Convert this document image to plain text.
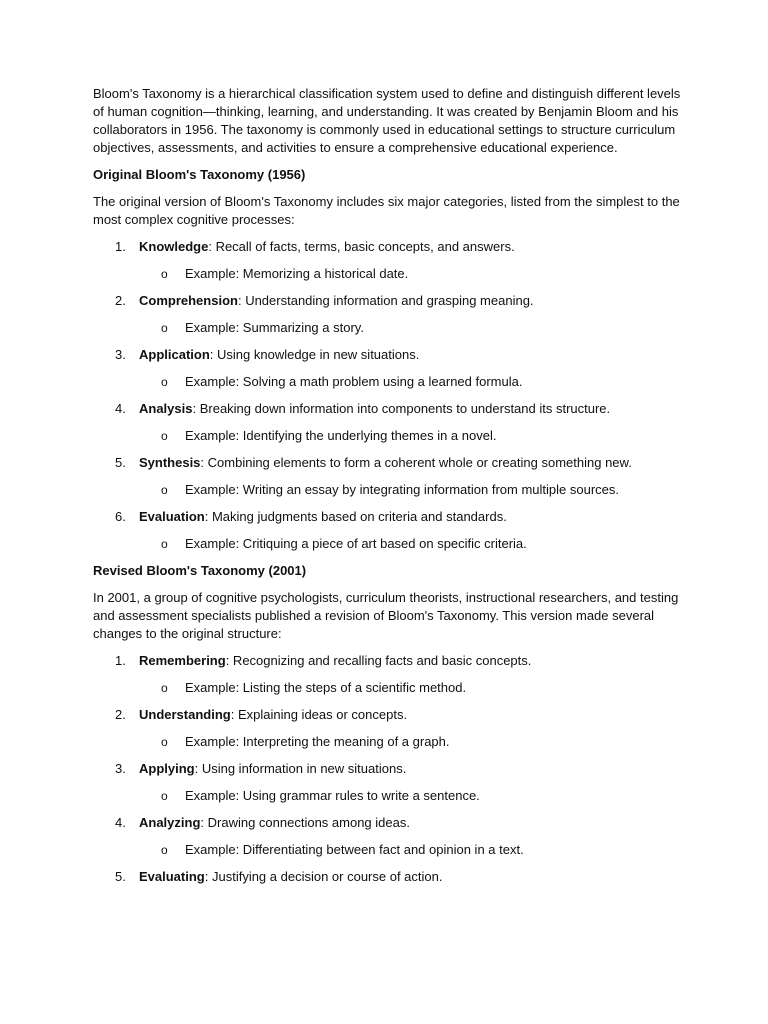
Bloom's Taxonomy is a hierarchical classification system used to define and distinguish different levels of human cognition—thinking, learning, and understanding. It was created by Benjamin Bloom and his collaborators in 1956. The taxonomy is commonly used in educational settings to structure curriculum objectives, assessments, and activities to ensure a comprehensive educational experience.

Original Bloom's Taxonomy (1956)

The original version of Bloom's Taxonomy includes six major categories, listed from the simplest to the most complex cognitive processes:

1. Knowledge: Recall of facts, terms, basic concepts, and answers.
o Example: Memorizing a historical date.
2. Comprehension: Understanding information and grasping meaning.
o Example: Summarizing a story.
3. Application: Using knowledge in new situations.
o Example: Solving a math problem using a learned formula.
4. Analysis: Breaking down information into components to understand its structure.
o Example: Identifying the underlying themes in a novel.
5. Synthesis: Combining elements to form a coherent whole or creating something new.
o Example: Writing an essay by integrating information from multiple sources.
6. Evaluation: Making judgments based on criteria and standards.
o Example: Critiquing a piece of art based on specific criteria.

Revised Bloom's Taxonomy (2001)

In 2001, a group of cognitive psychologists, curriculum theorists, instructional researchers, and testing and assessment specialists published a revision of Bloom's Taxonomy. This version made several changes to the original structure:

1. Remembering: Recognizing and recalling facts and basic concepts.
o Example: Listing the steps of a scientific method.
2. Understanding: Explaining ideas or concepts.
o Example: Interpreting the meaning of a graph.
3. Applying: Using information in new situations.
o Example: Using grammar rules to write a sentence.
4. Analyzing: Drawing connections among ideas.
o Example: Differentiating between fact and opinion in a text.
5. Evaluating: Justifying a decision or course of action.
